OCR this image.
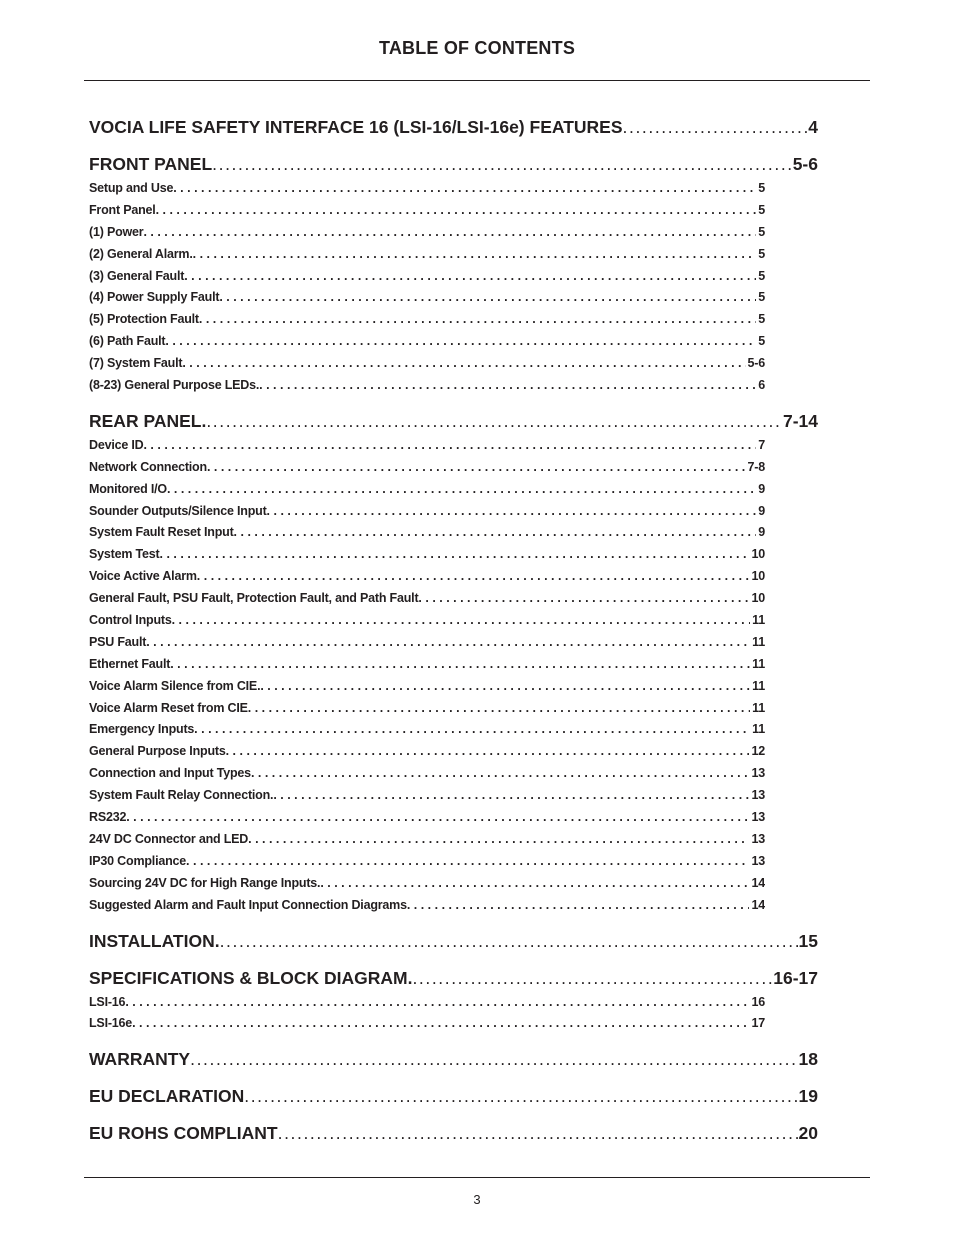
TABLE OF CONTENTS
VOCIA LIFE SAFETY INTERFACE 16 (LSI-16/LSI-16e) FEATURES .....	4
FRONT PANEL .....	5-6
Setup and Use . . .	5
Front Panel . . .	5
(1) Power . . .	5
(2) General Alarm. . . .	5
(3) General Fault . . .	5
(4) Power Supply Fault . . .	5
(5) Protection Fault . . .	5
(6) Path Fault . . .	5
(7) System Fault . . .	5-6
(8-23) General Purpose LEDs. . . .	6
REAR PANEL. .....	7-14
Device ID . . .	7
Network Connection . . .	7-8
Monitored I/O . . .	9
Sounder Outputs/Silence Input . . .	9
System Fault Reset Input . . .	9
System Test . . .	10
Voice Active Alarm . . .	10
General Fault, PSU Fault, Protection Fault, and Path Fault . . .	10
Control Inputs . . .	11
PSU Fault . . .	11
Ethernet Fault . . .	11
Voice Alarm Silence from CIE. . . .	11
Voice Alarm Reset from CIE . . .	11
Emergency Inputs . . .	11
General Purpose Inputs . . .	12
Connection and Input Types . . .	13
System Fault Relay Connection. . . .	13
RS232 . . .	13
24V DC Connector and LED . . .	13
IP30 Compliance . . .	13
Sourcing 24V DC for High Range Inputs. . . .	14
Suggested Alarm and Fault Input Connection Diagrams . . .	14
INSTALLATION. .....	15
SPECIFICATIONS & BLOCK DIAGRAM. .....	16-17
LSI-16 . . .	16
LSI-16e . . .	17
WARRANTY .....	18
EU DECLARATION .....	19
EU ROHS COMPLIANT .....	20
3
